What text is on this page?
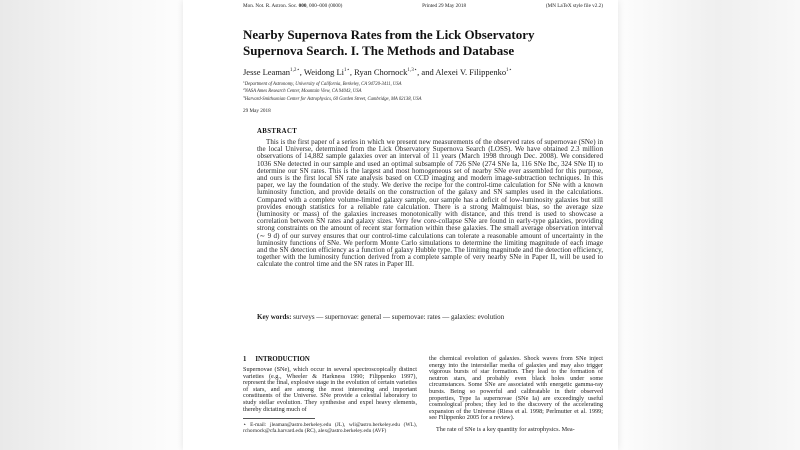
Mon. Not. R. Astron. Soc. 000, 000–000 (0000)	Printed 29 May 2018	(MN LaTeX style file v2.2)
Nearby Supernova Rates from the Lick Observatory
Supernova Search. I. The Methods and Database
Jesse Leaman$^{1,2⋆}$, Weidong $Li^{1⋆}$, Ryan Chornock$^{1,3⋆}$, and Alexei V. Filippenko$^{1⋆}$
$^1$Department of Astronomy, University of California, Berkeley, CA 94720-3411, USA
$^2$NASA Ames Research Center, Mountain View, CA 94043, USA
$^3$Harvard-Smithsonian Center for Astrophysics, 60 Garden Street, Cambridge, MA 02138, USA
29 May 2018
ABSTRACT
This is the first paper of a series in which we present new measurements of the observed rates of supernovae (SNe) in the local Universe, determined from the Lick Observatory Supernova Search (LOSS). We have obtained 2.3 million observations of 14,882 sample galaxies over an interval of 11 years (March 1998 through Dec. 2008). We considered 1036 SNe detected in our sample and used an optimal subsample of 726 SNe (274 SNe Ia, 116 SNe Ibc, 324 SNe II) to determine our SN rates. This is the largest and most homogeneous set of nearby SNe ever assembled for this purpose, and ours is the first local SN rate analysis based on CCD imaging and modern image-subtraction techniques. In this paper, we lay the foundation of the study. We derive the recipe for the control-time calculation for SNe with a known luminosity function, and provide details on the construction of the galaxy and SN samples used in the calculations. Compared with a complete volume-limited galaxy sample, our sample has a deficit of low-luminosity galaxies but still provides enough statistics for a reliable rate calculation. There is a strong Malmquist bias, so the average size (luminosity or mass) of the galaxies increases monotonically with distance, and this trend is used to showcase a correlation between SN rates and galaxy sizes. Very few core-collapse SNe are found in early-type galaxies, providing strong constraints on the amount of recent star formation within these galaxies. The small average observation interval (∼ 9 d) of our survey ensures that our control-time calculations can tolerate a reasonable amount of uncertainty in the luminosity functions of SNe. We perform Monte Carlo simulations to determine the limiting magnitude of each image and the SN detection efficiency as a function of galaxy Hubble type. The limiting magnitude and the detection efficiency, together with the luminosity function derived from a complete sample of very nearby SNe in Paper II, will be used to calculate the control time and the SN rates in Paper III.
Key words: surveys — supernovae: general — supernovae: rates — galaxies: evolution
1 INTRODUCTION

Supernovae (SNe), which occur in several spectroscopically distinct varieties (e.g., Wheeler & Harkness 1990; Filippenko 1997), represent the final, explosive stage in the evolution of certain varieties of stars, and are among the most interesting and important constituents of the Universe. SNe provide a celestial laboratory to study stellar evolution. They synthesise and expel heavy elements, thereby dictating much of

the chemical evolution of galaxies. Shock waves from SNe inject energy into the interstellar media of galaxies and may also trigger vigorous bursts of star formation. They lead to the formation of neutron stars, and probably even black holes under some circumstances. Some SNe are associated with energetic gamma-ray bursts. Being so powerful and calibratable in their observed properties, Type Ia supernovae (SNe Ia) are exceedingly useful cosmological probes; they led to the discovery of the accelerating expansion of the Universe (Riess et al. 1998; Perlmutter et al. 1999; see Filippenko 2005 for a review).

The rate of SNe is a key quantity for astrophysics. Mea-

⋆ E-mail: jleaman@astro.berkeley.edu (JL), wli@astro.berkeley.edu (WL), rchornock@cfa.harvard.edu (RC), alex@astro.berkeley.edu (AVF)
